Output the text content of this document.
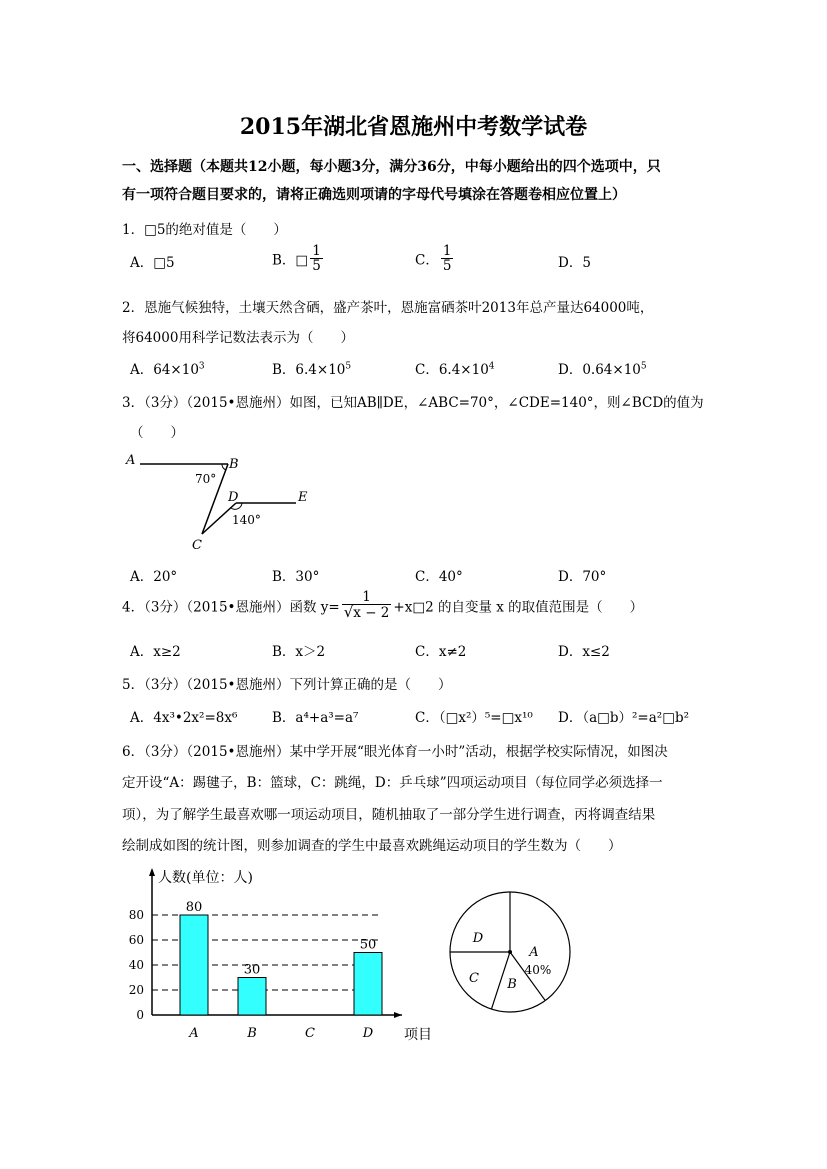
2015年湖北省恩施州中考数学试卷
一、选择题（本题共12小题，每小题3分，满分36分，中每小题给出的四个选项中，只
有一项符合题目要求的，请将正确选则项请的字母代号填涂在答题卷相应位置上）
1．□5的绝对值是（　　）
A．□5	B．□ $\frac{1}{5}$	C． $\frac{1}{5}$	D．5
2．恩施气候独特，土壤天然含硒，盛产茶叶，恩施富硒茶叶2013年总产量达64000吨，
将64000用科学记数法表示为（　　）
A．$64\times 10^3$	B．$6.4\times 10^5$	C．$6.4\times 10^4$	D．$0.64\times 10^5$
3．（3分）（2015•恩施州）如图，已知AB∥DE，∠ABC=70°，∠CDE=140°，则∠BCD的值为
（　　）
A	B
D	E
C
70°
140°
A．20°	B．30°	C．40°	D．70°
4．（3分）（2015•恩施州）函数 $y= \frac{1}{√x - 2}$ +x□2 的自变量 x 的取值范围是（　　）
A．x≥2	B．x＞2	C．x≠2	D．x≤2
5．（3分）（2015•恩施州）下列计算正确的是（　　）
A．4x³•2x²=8x⁶	B．a⁴+a³=a⁷	C．（□x²）⁵=□x¹⁰ D．（a□b）²=a²□b²
6．（3分）（2015•恩施州）某中学开展“眼光体育一小时”活动，根据学校实际情况，如图决
定开设“A：踢毽子，B：篮球，C：跳绳，D：乒乓球”四项运动项目（每位同学必须选择一
项），为了解学生最喜欢哪一项运动项目，随机抽取了一部分学生进行调查，丙将调查结果
绘制成如图的统计图，则参加调查的学生中最喜欢跳绳运动项目的学生数为（　　）
0
20
40
60
80
人数(单位：人)
项目
80
A
30
B	C
50
D
A
B
C
D
40%
